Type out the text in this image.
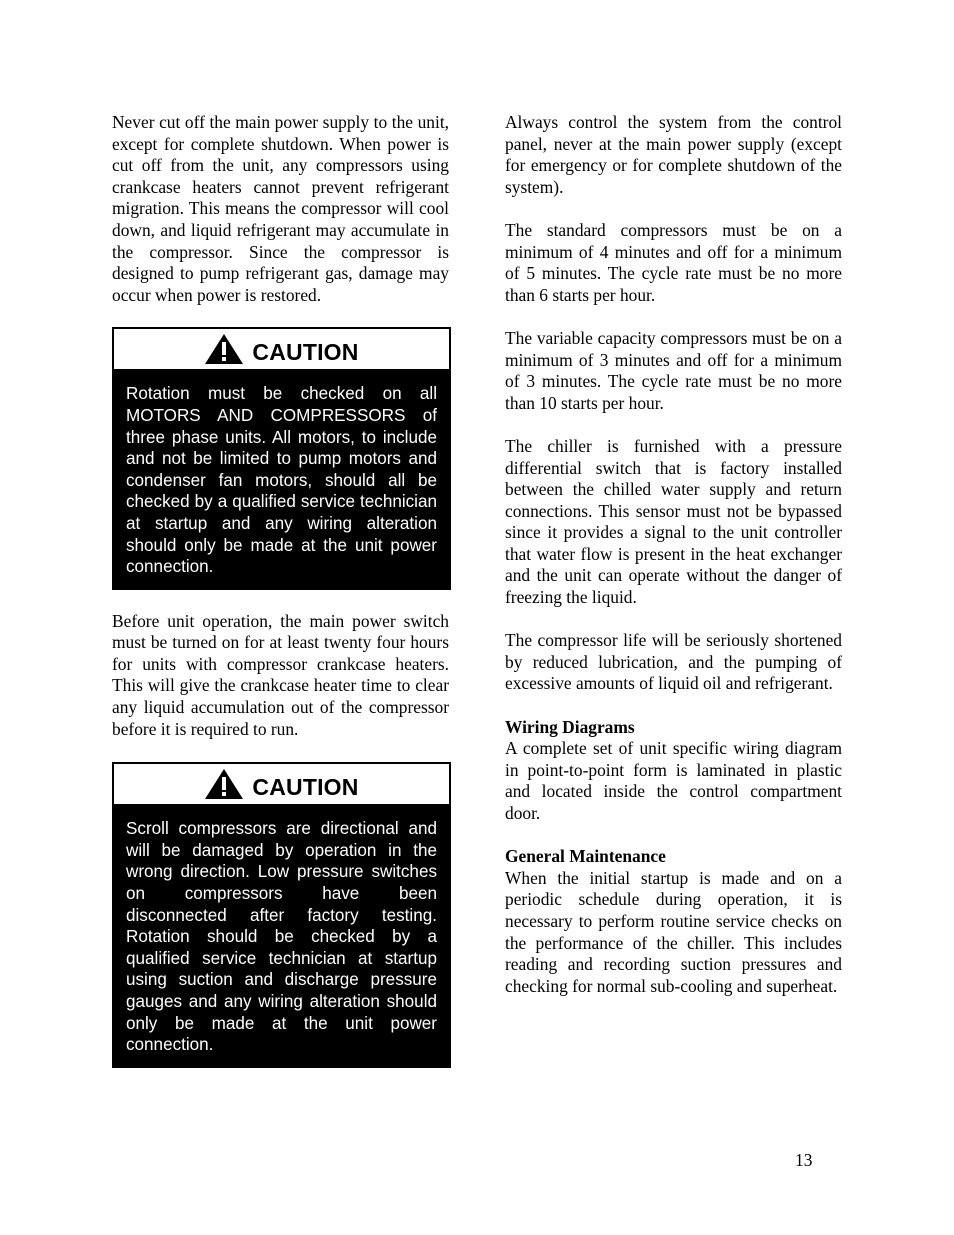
Never cut off the main power supply to the unit, except for complete shutdown. When power is cut off from the unit, any compressors using crankcase heaters cannot prevent refrigerant migration. This means the compressor will cool down, and liquid refrigerant may accumulate in the compressor. Since the compressor is designed to pump refrigerant gas, damage may occur when power is restored.

CAUTION
Rotation must be checked on all MOTORS AND COMPRESSORS of three phase units. All motors, to include and not be limited to pump motors and condenser fan motors, should all be checked by a qualified service technician at startup and any wiring alteration should only be made at the unit power connection.

Before unit operation, the main power switch must be turned on for at least twenty four hours for units with compressor crankcase heaters. This will give the crankcase heater time to clear any liquid accumulation out of the compressor before it is required to run.

CAUTION
Scroll compressors are directional and will be damaged by operation in the wrong direction. Low pressure switches on compressors have been disconnected after factory testing. Rotation should be checked by a qualified service technician at startup using suction and discharge pressure gauges and any wiring alteration should only be made at the unit power connection.

Always control the system from the control panel, never at the main power supply (except for emergency or for complete shutdown of the system).

The standard compressors must be on a minimum of 4 minutes and off for a minimum of 5 minutes. The cycle rate must be no more than 6 starts per hour.

The variable capacity compressors must be on a minimum of 3 minutes and off for a minimum of 3 minutes. The cycle rate must be no more than 10 starts per hour.

The chiller is furnished with a pressure differential switch that is factory installed between the chilled water supply and return connections. This sensor must not be bypassed since it provides a signal to the unit controller that water flow is present in the heat exchanger and the unit can operate without the danger of freezing the liquid.

The compressor life will be seriously shortened by reduced lubrication, and the pumping of excessive amounts of liquid oil and refrigerant.

Wiring Diagrams

A complete set of unit specific wiring diagram in point-to-point form is laminated in plastic and located inside the control compartment door.

General Maintenance

When the initial startup is made and on a periodic schedule during operation, it is necessary to perform routine service checks on the performance of the chiller. This includes reading and recording suction pressures and checking for normal sub-cooling and superheat.

13
